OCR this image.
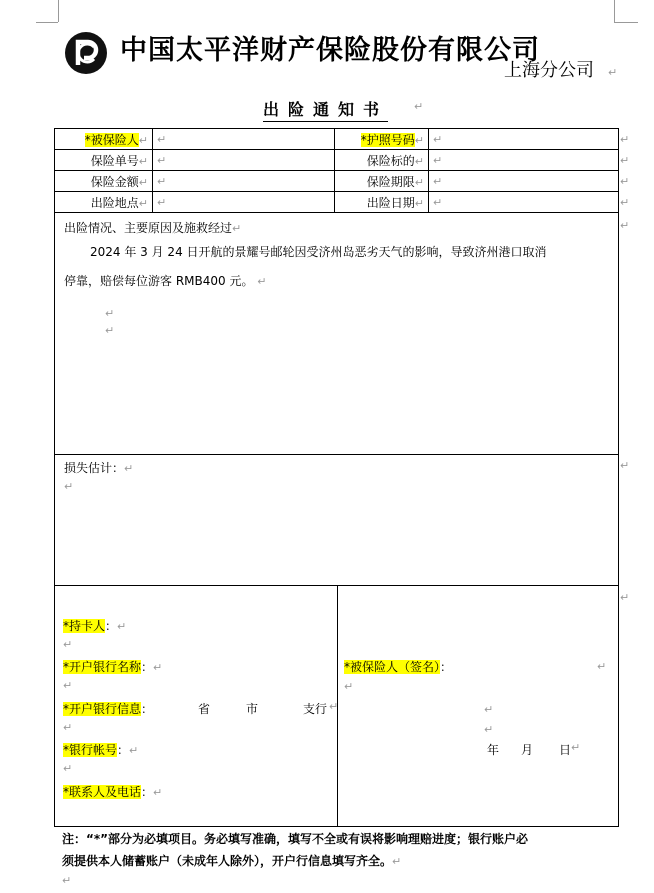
中国太平洋财产保险股份有限公司
上海分公司 ↵
出险通知书 ↵
*被保险人↵	↵	*护照号码↵	↵
保险单号↵	↵	保险标的↵	↵
保险金额↵	↵	保险期限↵	↵
出险地点↵	↵	出险日期↵	↵
↵
↵
↵
↵
出险情况、主要原因及施救经过↵
2024 年 3 月 24 日开航的景耀号邮轮因受济州岛恶劣天气的影响，导致济州港口取消
停靠，赔偿每位游客 RMB400 元。 ↵
↵
↵
↵
损失估计：↵
↵
↵
↵
*持卡人：↵
↵
*开户银行名称：↵
↵
*开户银行信息：	省	市	支行 ↵
↵
*银行帐号：↵
↵
*联系人及电话：↵
*被保险人（签名）：	↵
↵
↵
↵
年 月 日 ↵
注：“*”部分为必填项目。务必填写准确，填写不全或有误将影响理赔进度；银行账户必
须提供本人储蓄账户（未成年人除外），开户行信息填写齐全。↵
↵
